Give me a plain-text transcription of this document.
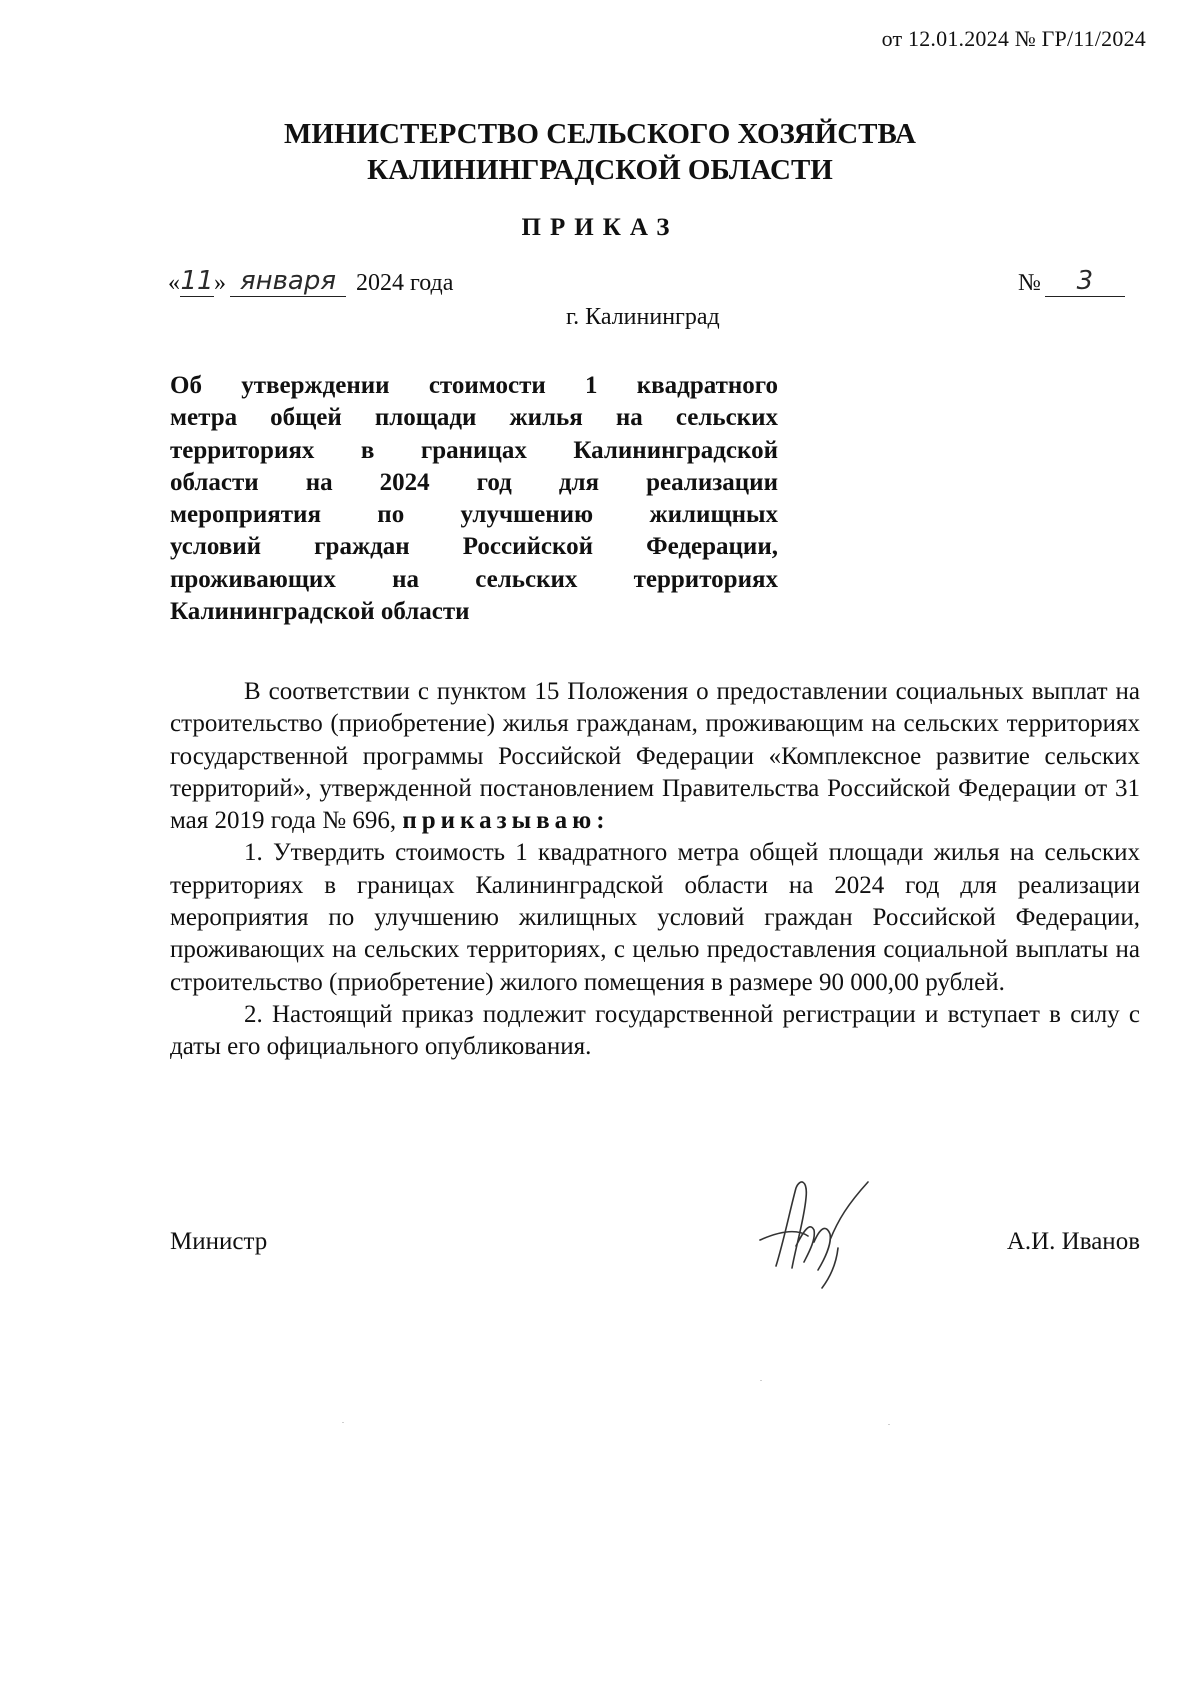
от 12.01.2024 № ГР/11/2024
МИНИСТЕРСТВО СЕЛЬСКОГО ХОЗЯЙСТВА
КАЛИНИНГРАДСКОЙ ОБЛАСТИ
ПРИКАЗ
« 11 » января 2024 года	№	3
г. Калининград
Об утверждении стоимости 1 квадратного
метра общей площади жилья на сельских
территориях в границах Калининградской
области на 2024 год для реализации
мероприятия по улучшению жилищных
условий граждан Российской Федерации,
проживающих на сельских территориях
Калининградской области

В соответствии с пунктом 15 Положения о предоставлении социальных выплат на строительство (приобретение) жилья гражданам, проживающим на сельских территориях государственной программы Российской Федерации «Комплексное развитие сельских территорий», утвержденной постановлением Правительства Российской Федерации от 31 мая 2019 года № 696, приказываю:

1. Утвердить стоимость 1 квадратного метра общей площади жилья на сельских территориях в границах Калининградской области на 2024 год для реализации мероприятия по улучшению жилищных условий граждан Российской Федерации, проживающих на сельских территориях, с целью предоставления социальной выплаты на строительство (приобретение) жилого помещения в размере 90 000,00 рублей.

2. Настоящий приказ подлежит государственной регистрации и вступает в силу с даты его официального опубликования.

Министр	А.И. Иванов
